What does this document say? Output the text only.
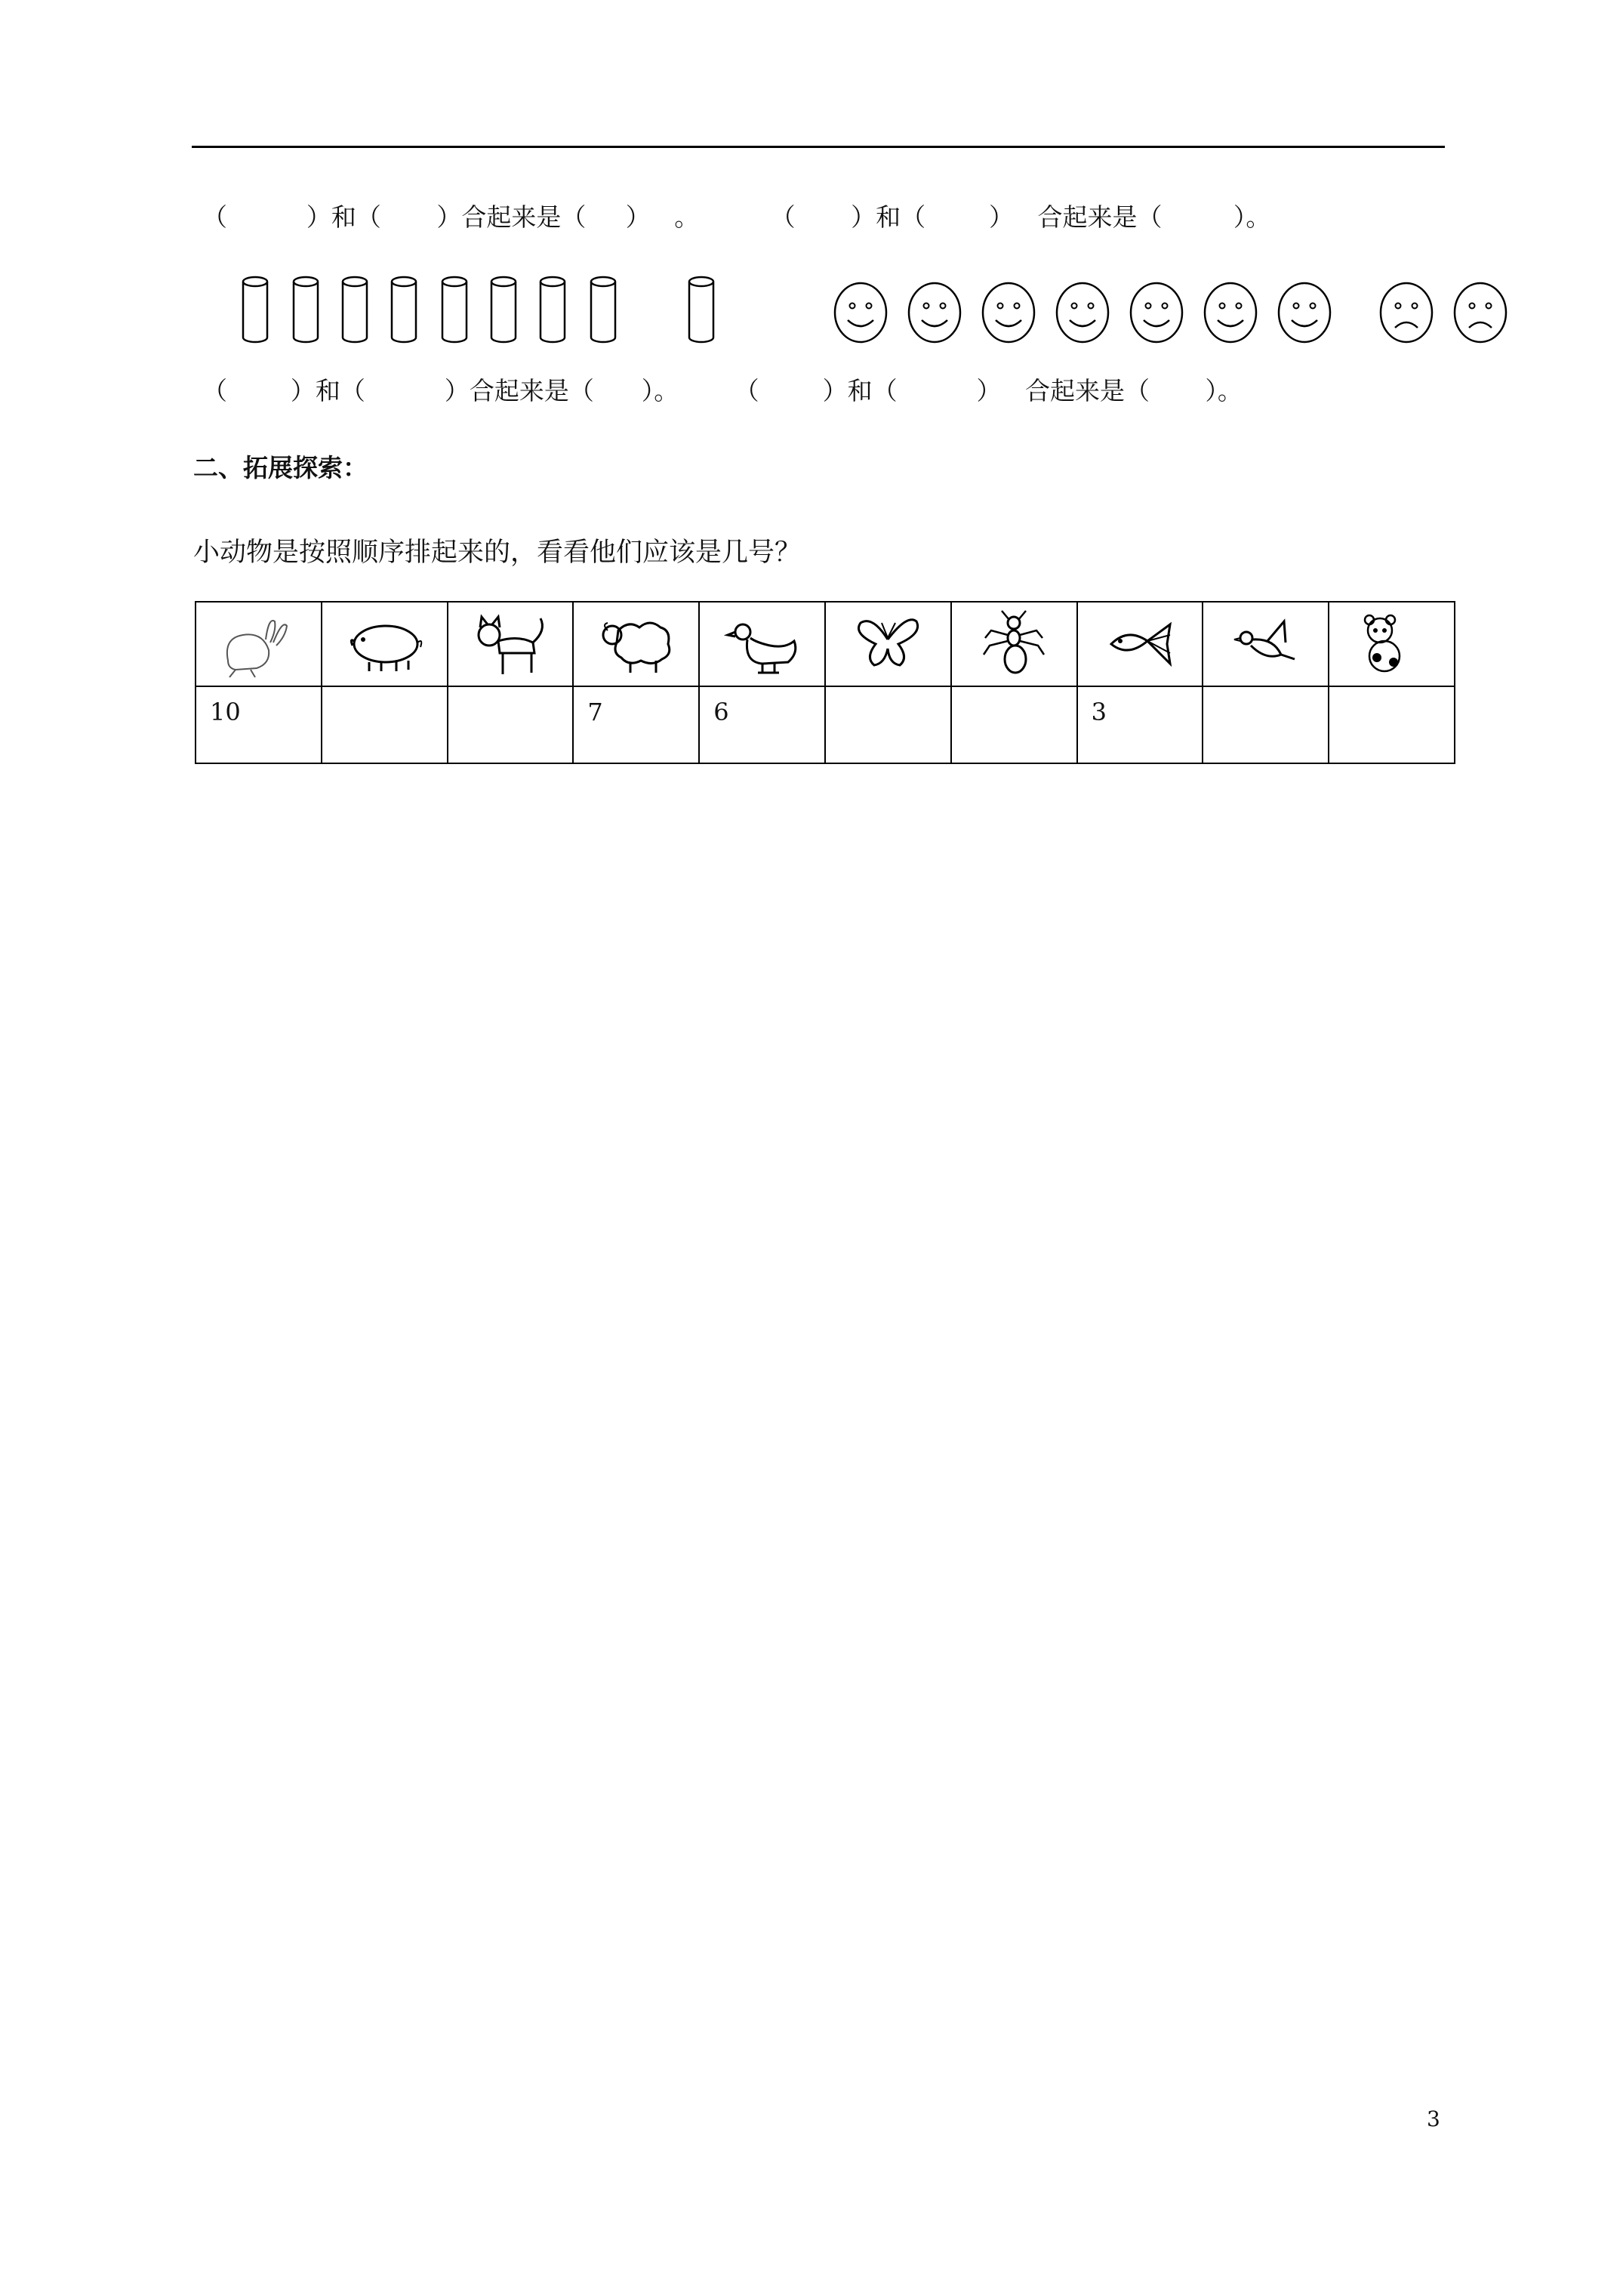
（          ）和（       ）合起来是（     ）   。         （       ）和（        ）   合起来是（         ）。
（        ）和（          ）合起来是（      ）。       （        ）和（          ）   合起来是（       ）。
二、拓展探索：
小动物是按照顺序排起来的，看看他们应该是几号？

10			7	6			3		
3
